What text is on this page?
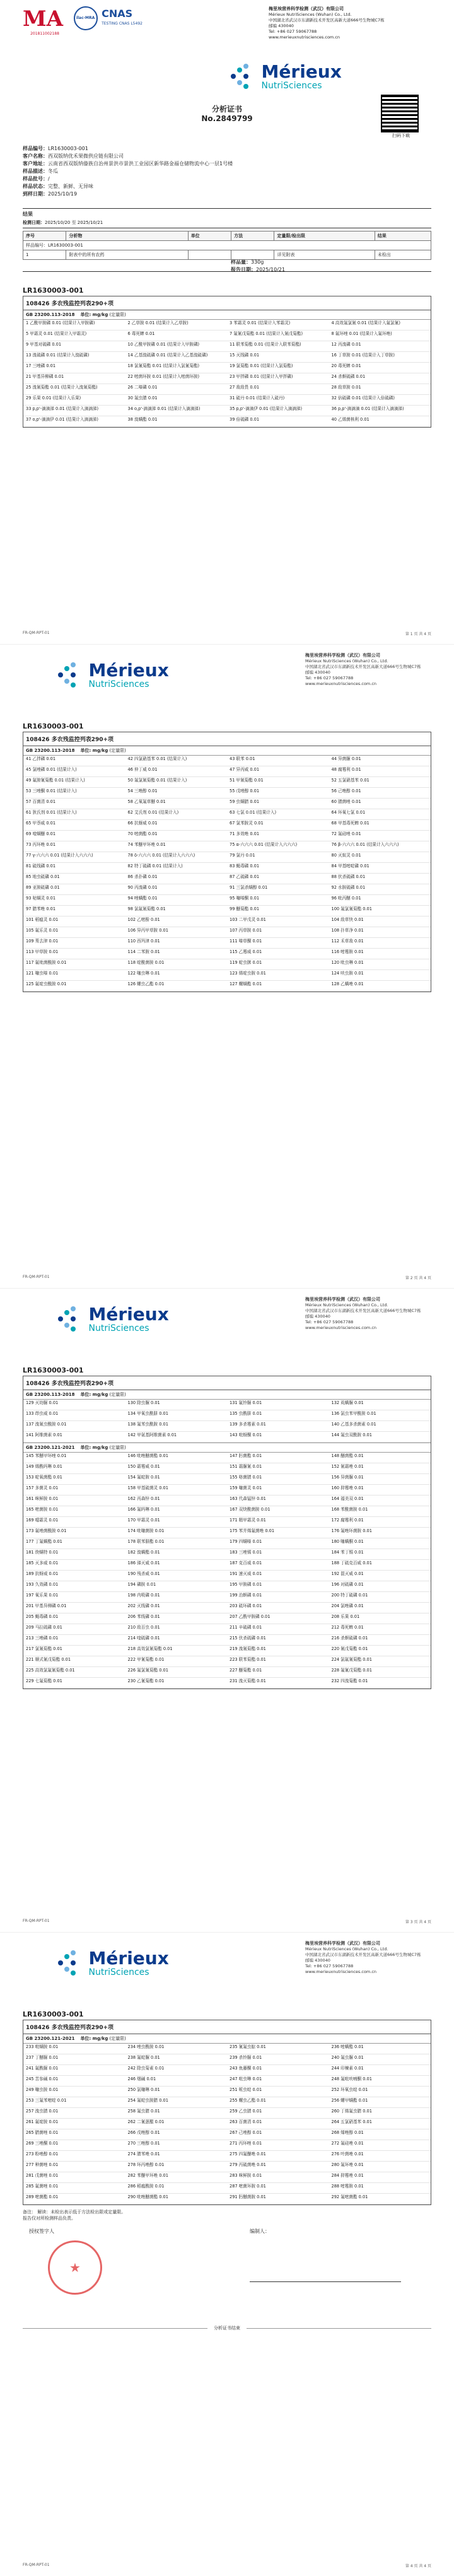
MA
201811002188
ilac-MRA CNAS
TESTING CNAS L5492
梅里埃营养科学检测（武汉）有限公司
Mérieux NutriSciences (Wuhan) Co., Ltd.
中国湖北省武汉市东湖新技术开发区高新大道666号生物城C7栋
邮编 430040
Tel: +86 027 59067788
www.merieuxnutrisciences.com.cn

Mérieux
NutriSciences
扫码下载
分析证书
No.2849799
样品编号：LR1630003-001
客户名称：西双版纳优禾果微供应链有限公司
客户地址：云南省西双版纳傣族自治州景洪市景洪工业园区新华路金福仓储物流中心一层1号楼
样品描述：冬瓜
样品批号：/
样品状态：完整、新鲜、无异味
到样日期：2025/10/19
样品量：330g
报告日期：2025/10/21
结果
检测日期：2025/10/20 至 2025/10/21
序号	分析物	单位	方法	定量限/检出限	结果
样品编号：LR1630003-001					
1	附表中的所有农药			详见附表	未检出
LR1630003-001
108426 多农残监控列表290+项
GB 23200.113-2018 单位: mg/kg (定量限)
1 乙酰甲胺磷 0.01 (结果计入甲胺磷)	2 乙草胺 0.01 (结果计入乙草胺)	3 苯霜灵 0.01 (结果计入苯霜灵)	4 高效氟氯氰 0.01 (结果计入氟氯氰)
5 甲霜灵 0.01 (结果计入甲霜灵)	6 毒死蜱 0.01	7 氟氰戊菊酯 0.01 (结果计入氰戊菊酯)	8 氟环唑 0.01 (结果计入氟环唑)
9 甲基对硫磷 0.01	10 乙酰甲胺磷 0.01 (结果计入甲胺磷)	11 联苯菊酯 0.01 (结果计入联苯菊酯)	12 丙溴磷 0.01
13 溴硫磷 0.01 (结果计入溴硫磷)	14 乙基溴硫磷 0.01 (结果计入乙基溴硫磷)	15 灭线磷 0.01	16 丁草胺 0.01 (结果计入丁草胺)
17 三唑磷 0.01	18 氯氰菊酯 0.01 (结果计入氯氰菊酯)	19 氯菊酯 0.01 (结果计入氯菊酯)	20 毒死蜱 0.01
21 甲基异柳磷 0.01	22 嘧菌环胺 0.01 (结果计入嘧菌环胺)	23 甲拌磷 0.01 (结果计入甲拌磷)	24 杀螟硫磷 0.01
25 溴氰菊酯 0.01 (结果计入溴氰菊酯)	26 二嗪磷 0.01	27 敌敌畏 0.01	28 敌草胺 0.01
29 乐果 0.01 (结果计入乐果)	30 氟虫腈 0.01	31 硫丹 0.01 (结果计入硫丹)	32 倍硫磷 0.01 (结果计入倍硫磷)
33 p,p'-滴滴涕 0.01 (结果计入滴滴涕)	34 o,p'-滴滴涕 0.01 (结果计入滴滴涕)	35 p,p'-滴滴伊 0.01 (结果计入滴滴涕)	36 p,p'-滴滴滴 0.01 (结果计入滴滴涕)
37 o,p'-滴滴伊 0.01 (结果计入滴滴涕)	38 溴螨酯 0.01	39 倍硫磷 0.01	40 乙烯菌核利 0.01
FR-QM-RPT-01	第 1 页 共 4 页

Mérieux
NutriSciences
梅里埃营养科学检测（武汉）有限公司
Mérieux NutriSciences (Wuhan) Co., Ltd.
中国湖北省武汉市东湖新技术开发区高新大道666号生物城C7栋
邮编 430040
Tel: +86 027 59067788
www.merieuxnutrisciences.com.cn
LR1630003-001
108426 多农残监控列表290+项
GB 23200.113-2018 单位: mg/kg (定量限)
41 乙拌磷 0.01	42 四氯硝基苯 0.01 (结果计入)	43 联苯 0.01	44 异菌脲 0.01
45 氯唑磷 0.01 (结果计入)	46 仲丁威 0.01	47 异丙威 0.01	48 腐霉利 0.01
49 氟胺氰菊酯 0.01 (结果计入)	50 氟氯氰菊酯 0.01 (结果计入)	51 甲氰菊酯 0.01	52 五氯硝基苯 0.01
53 三唑酮 0.01 (结果计入)	54 三唑醇 0.01	55 戊唑醇 0.01	56 己唑醇 0.01
57 百菌清 0.01	58 乙氧氟草醚 0.01	59 虫螨腈 0.01	60 腈菌唑 0.01
61 狄氏剂 0.01 (结果计入)	62 艾氏剂 0.01 (结果计入)	63 七氯 0.01 (结果计入)	64 环氧七氯 0.01
65 甲萘威 0.01	66 抗蚜威 0.01	67 氯苯胺灵 0.01	68 甲基毒死蜱 0.01
69 喹螨醚 0.01	70 嘧菌酯 0.01	71 多效唑 0.01	72 氟硅唑 0.01
73 丙环唑 0.01	74 苯醚甲环唑 0.01	75 α-六六六 0.01 (结果计入六六六)	76 β-六六六 0.01 (结果计入六六六)
77 γ-六六六 0.01 (结果计入六六六)	78 δ-六六六 0.01 (结果计入六六六)	79 氯丹 0.01	80 灭蚁灵 0.01
81 硫线磷 0.01	82 特丁硫磷 0.01 (结果计入)	83 蝇毒磷 0.01	84 甲基嘧啶磷 0.01
85 地虫硫磷 0.01	86 杀扑磷 0.01	87 乙硫磷 0.01	88 伏杀硫磷 0.01
89 亚胺硫磷 0.01	90 丙溴磷 0.01	91 三氯杀螨醇 0.01	92 水胺硫磷 0.01
93 哒螨灵 0.01	94 唑螨酯 0.01	95 噻嗪酮 0.01	96 吡丙醚 0.01
97 腈苯唑 0.01	98 氯氟氰菊酯 0.01	99 醚菊酯 0.01	100 氟氯氰菊酯 0.01
101 稻瘟灵 0.01	102 乙嘧酚 0.01	103 二甲戊灵 0.01	104 敌草快 0.01
105 氟乐灵 0.01	106 异丙甲草胺 0.01	107 丙草胺 0.01	108 扑草净 0.01
109 莠去津 0.01	110 西玛津 0.01	111 嗪草酮 0.01	112 禾草敌 0.01
113 甲草胺 0.01	114 二苯胺 0.01	115 乙霉威 0.01	116 嘧霉胺 0.01
117 氟吡菌酰胺 0.01	118 啶酰菌胺 0.01	119 啶虫脒 0.01	120 吡虫啉 0.01
121 噻虫嗪 0.01	122 噻虫啉 0.01	123 烯啶虫胺 0.01	124 呋虫胺 0.01
125 氟啶虫酰胺 0.01	126 螺虫乙酯 0.01	127 螺螨酯 0.01	128 乙螨唑 0.01
FR-QM-RPT-01	第 2 页 共 4 页

Mérieux
NutriSciences
梅里埃营养科学检测（武汉）有限公司
Mérieux NutriSciences (Wuhan) Co., Ltd.
中国湖北省武汉市东湖新技术开发区高新大道666号生物城C7栋
邮编 430040
Tel: +86 027 59067788
www.merieuxnutrisciences.com.cn
LR1630003-001
108426 多农残监控列表290+项
GB 23200.113-2018 单位: mg/kg (定量限)
129 灭幼脲 0.01	130 除虫脲 0.01	131 氟铃脲 0.01	132 虱螨脲 0.01
133 茚虫威 0.01	134 甲氧虫酰肼 0.01	135 虫酰肼 0.01	136 氯虫苯甲酰胺 0.01
137 溴氰虫酰胺 0.01	138 氟苯虫酰胺 0.01	139 多杀霉素 0.01	140 乙基多杀菌素 0.01
141 阿维菌素 0.01	142 甲氨基阿维菌素 0.01	143 吡蚜酮 0.01	144 氟虫双酰胺 0.01
GB 23200.121-2021 单位: mg/kg (定量限)
145 苯醚甲环唑 0.01	146 吡唑醚菌酯 0.01	147 肟菌酯 0.01	148 醚菌酯 0.01
149 烯酰吗啉 0.01	150 霜霉威 0.01	151 霜脲氰 0.01	152 氰霜唑 0.01
153 啶氧菌酯 0.01	154 氟啶胺 0.01	155 咯菌腈 0.01	156 异菌脲 0.01
157 多菌灵 0.01	158 甲基硫菌灵 0.01	159 噻菌灵 0.01	160 抑霉唑 0.01
161 咪鲜胺 0.01	162 丙森锌 0.01	163 代森锰锌 0.01	164 福美双 0.01
165 嘧菌胺 0.01	166 氟吗啉 0.01	167 双炔酰菌胺 0.01	168 苯酰菌胺 0.01
169 噁霜灵 0.01	170 甲霜灵 0.01	171 精甲霜灵 0.01	172 腐霉利 0.01
173 氟唑菌酰胺 0.01	174 吡噻菌胺 0.01	175 苯并烯氟菌唑 0.01	176 氟唑环菌胺 0.01
177 丁氟螨酯 0.01	178 联苯肼酯 0.01	179 四螨嗪 0.01	180 噻螨酮 0.01
181 炔螨特 0.01	182 溴螨酯 0.01	183 三唑锡 0.01	184 苯丁锡 0.01
185 灭多威 0.01	186 涕灭威 0.01	187 克百威 0.01	188 丁硫克百威 0.01
189 抗蚜威 0.01	190 残杀威 0.01	191 速灭威 0.01	192 混灭威 0.01
193 久效磷 0.01	194 磷胺 0.01	195 甲胺磷 0.01	196 对硫磷 0.01
197 氧乐果 0.01	198 内吸磷 0.01	199 治螟磷 0.01	200 特丁硫磷 0.01
201 甲基异柳磷 0.01	202 灭线磷 0.01	203 硫环磷 0.01	204 氯唑磷 0.01
205 蝇毒磷 0.01	206 苯线磷 0.01	207 乙酰甲胺磷 0.01	208 乐果 0.01
209 马拉硫磷 0.01	210 敌百虫 0.01	211 辛硫磷 0.01	212 毒死蜱 0.01
213 三唑磷 0.01	214 喹硫磷 0.01	215 伏杀硫磷 0.01	216 杀螟硫磷 0.01
217 氯氰菊酯 0.01	218 高效氯氰菊酯 0.01	219 溴氰菊酯 0.01	220 氰戊菊酯 0.01
221 顺式氰戊菊酯 0.01	222 甲氰菊酯 0.01	223 联苯菊酯 0.01	224 氯氟氰菊酯 0.01
225 高效氯氟氰菊酯 0.01	226 氟氯氰菊酯 0.01	227 醚菊酯 0.01	228 氟氰戊菊酯 0.01
229 七氟菊酯 0.01	230 乙氰菊酯 0.01	231 溴灭菊酯 0.01	232 四溴菊酯 0.01
FR-QM-RPT-01	第 3 页 共 4 页

Mérieux
NutriSciences
梅里埃营养科学检测（武汉）有限公司
Mérieux NutriSciences (Wuhan) Co., Ltd.
中国湖北省武汉市东湖新技术开发区高新大道666号生物城C7栋
邮编 430040
Tel: +86 027 59067788
www.merieuxnutrisciences.com.cn
LR1630003-001
108426 多农残监控列表290+项
GB 23200.121-2021 单位: mg/kg (定量限)
233 吡螨胺 0.01	234 唑虫酰胺 0.01	235 氰氟虫腙 0.01	236 嘧螨酯 0.01
237 丁醚脲 0.01	238 氟啶脲 0.01	239 杀铃脲 0.01	240 氟虫脲 0.01
241 氟酰脲 0.01	242 除虫菊素 0.01	243 鱼藤酮 0.01	244 印楝素 0.01
245 苦参碱 0.01	246 烟碱 0.01	247 吡虫啉 0.01	248 氟吡呋喃酮 0.01
249 噻虫胺 0.01	250 氯噻啉 0.01	251 哌虫啶 0.01	252 环氧虫啶 0.01
253 三氟苯嘧啶 0.01	254 氟啶虫胺腈 0.01	255 螺虫乙酯 0.01	256 螺甲螨酯 0.01
257 溴虫腈 0.01	258 氟虫腈 0.01	259 乙虫腈 0.01	260 丁烯氟虫腈 0.01
261 氟啶胺 0.01	262 二氰蒽醌 0.01	263 百菌清 0.01	264 五氯硝基苯 0.01
265 腈菌唑 0.01	266 戊唑醇 0.01	267 己唑醇 0.01	268 烯唑醇 0.01
269 三唑酮 0.01	270 三唑醇 0.01	271 丙环唑 0.01	272 氟硅唑 0.01
273 粉唑醇 0.01	274 腈苯唑 0.01	275 四氟醚唑 0.01	276 叶菌唑 0.01
277 种菌唑 0.01	278 环丙唑醇 0.01	279 丙硫菌唑 0.01	280 氟环唑 0.01
281 戊菌唑 0.01	282 苯醚甲环唑 0.01	283 咪鲜胺 0.01	284 抑霉唑 0.01
285 氟菌唑 0.01	286 稻瘟酰胺 0.01	287 嘧菌环胺 0.01	288 嘧霉胺 0.01
289 嘧菌酯 0.01	290 吡唑醚菌酯 0.01	291 肟醚菌胺 0.01	292 氟嘧菌酯 0.01
备注： 解读：未检出表示低于方法检出限或定量限。
报告仅对所检测样品负责。
授权签字人	编制人：
★
分析证书结束
FR-QM-RPT-01	第 4 页 共 4 页
